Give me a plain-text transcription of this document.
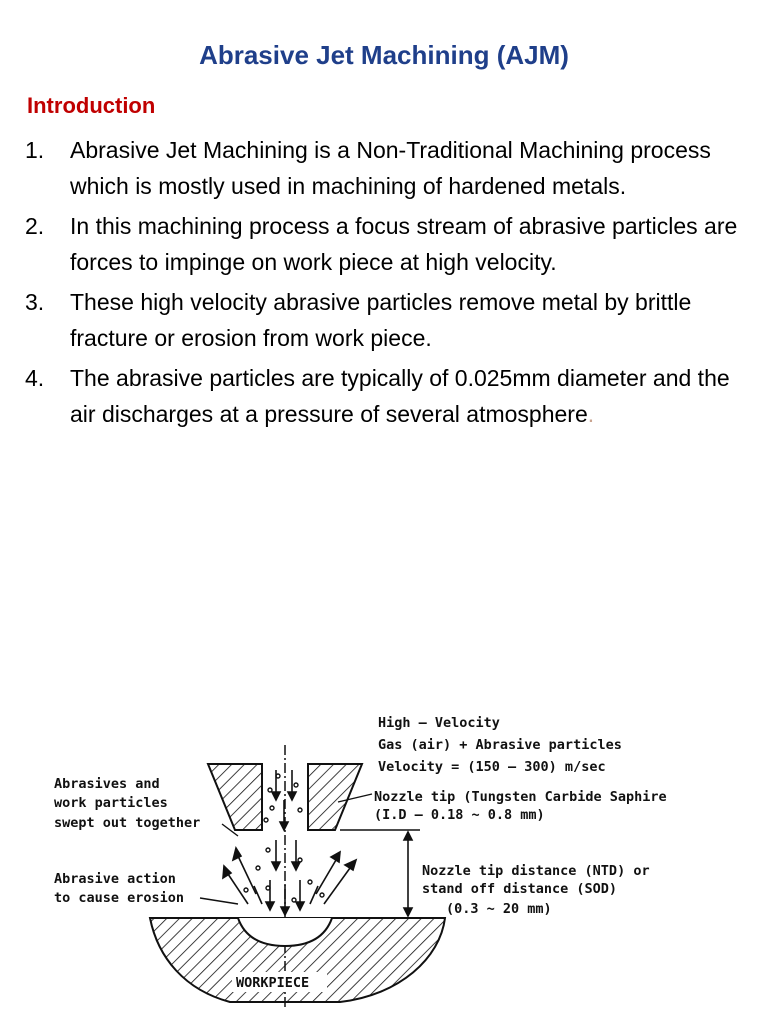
Abrasive Jet Machining (AJM)
Introduction
1. Abrasive Jet Machining is a Non-Traditional Machining process which is mostly used in machining of hardened metals.
2. In this machining process a focus stream of abrasive particles are forces to impinge on work piece at high velocity.
3. These high velocity abrasive particles remove metal by brittle fracture or erosion from work piece.
4. The abrasive particles are typically of 0.025mm diameter and the air discharges at a pressure of several atmosphere.
WORKPIECE
High – Velocity
Gas (air) + Abrasive particles
Velocity = (150 – 300) m/sec
Abrasives and
work particles
swept out together
Nozzle tip (Tungsten Carbide Saphire
(I.D – 0.18 ~ 0.8 mm)
Abrasive action
to cause erosion
Nozzle tip distance (NTD) or
stand off distance (SOD)
(0.3 ~ 20 mm)
